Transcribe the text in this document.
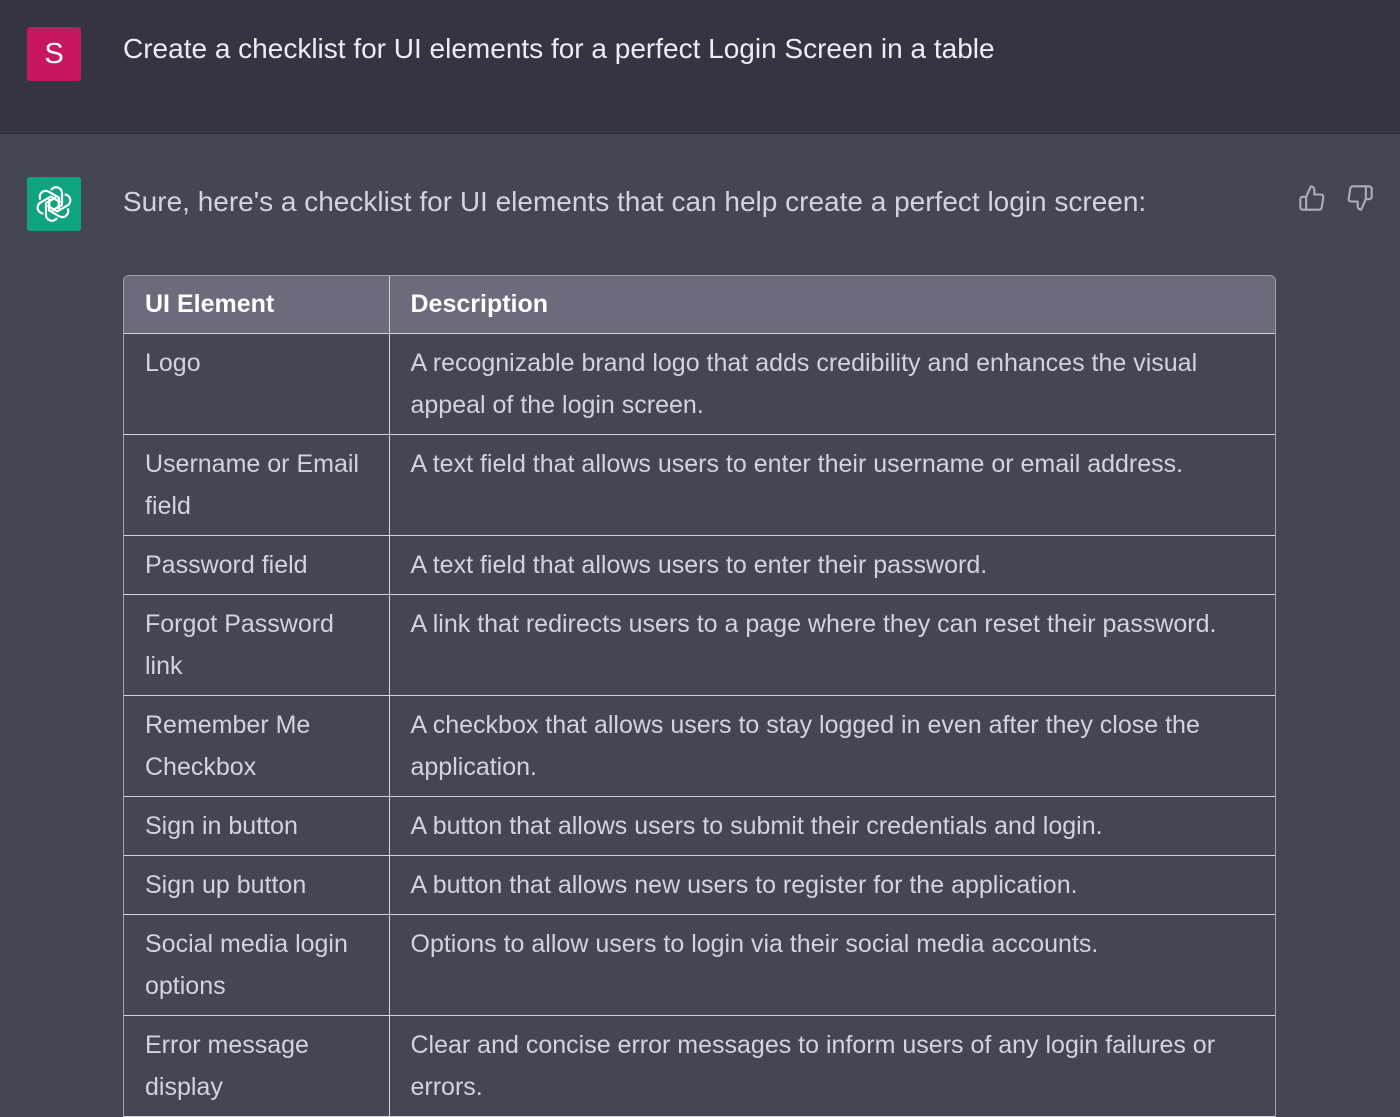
S	Create a checklist for UI elements for a perfect Login Screen in a table
Sure, here's a checklist for UI elements that can help create a perfect login screen:
UI Element	Description
Logo	A recognizable brand logo that adds credibility and enhances the visual appeal of the login screen.
Username or Email field	A text field that allows users to enter their username or email address.
Password field	A text field that allows users to enter their password.
Forgot Password link	A link that redirects users to a page where they can reset their password.
Remember Me Checkbox	A checkbox that allows users to stay logged in even after they close the application.
Sign in button	A button that allows users to submit their credentials and login.
Sign up button	A button that allows new users to register for the application.
Social media login options	Options to allow users to login via their social media accounts.
Error message display	Clear and concise error messages to inform users of any login failures or errors.
